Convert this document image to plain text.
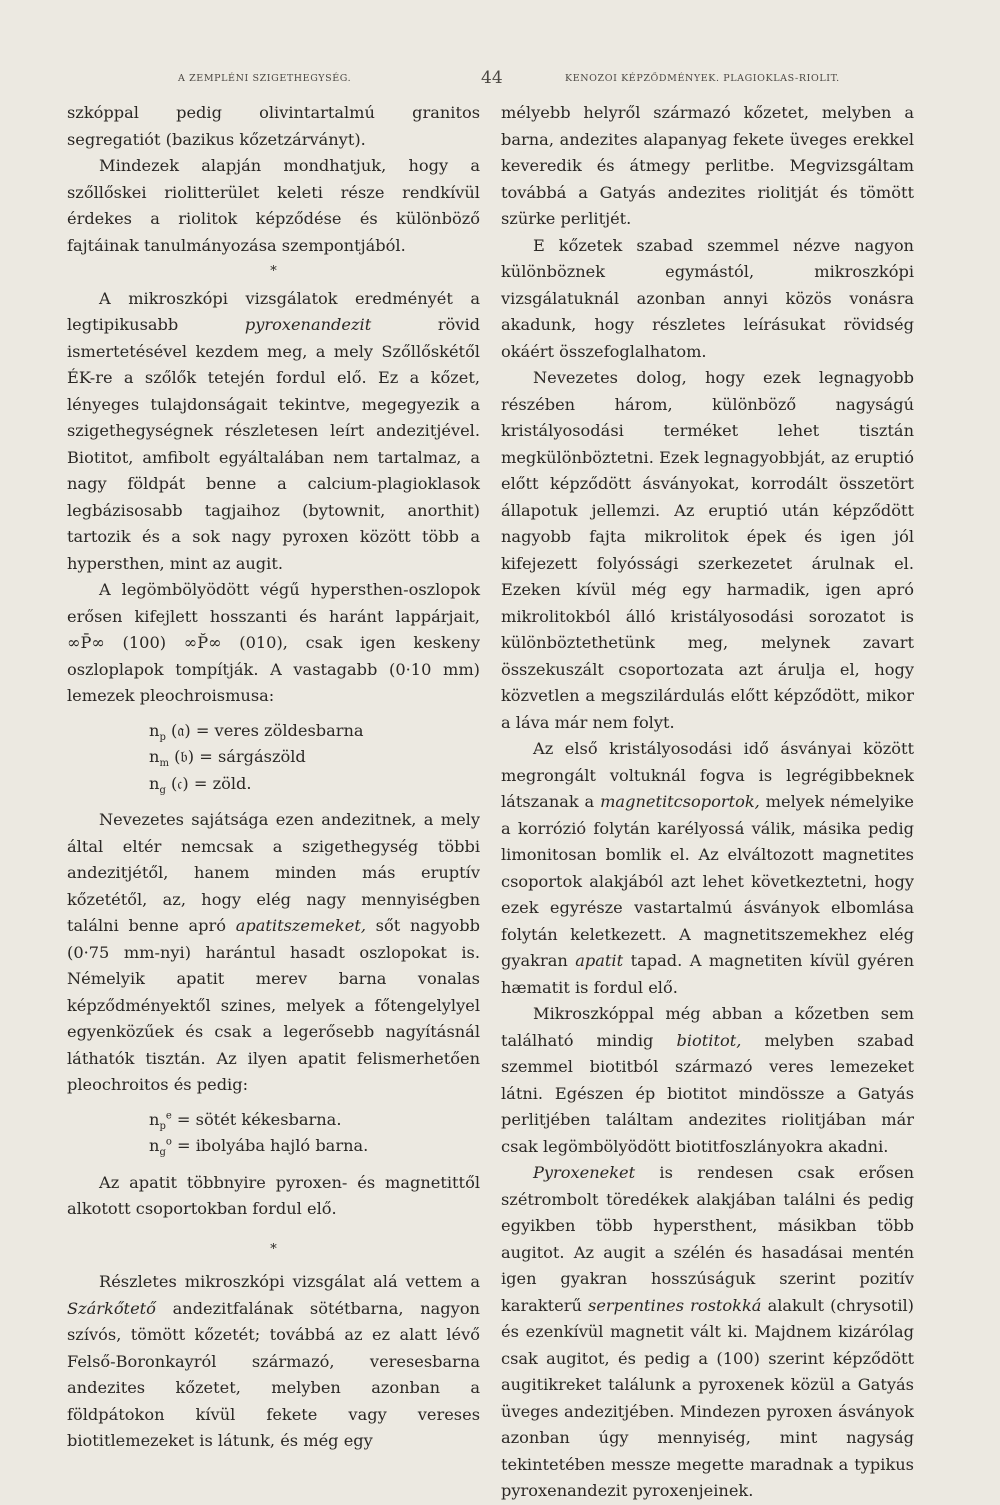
A ZEMPLÉNI SZIGETHEGYSÉG.	44	KENOZOI KÉPZŐDMÉNYEK. PLAGIOKLAS-RIOLIT.

szkóppal pedig olivintartalmú granitos segregatiót (bazikus kőzetzárványt).

Mindezek alapján mondhatjuk, hogy a szőllőskei riolitterület keleti része rendkívül érdekes a riolitok képződése és különböző fajtáinak tanulmányozása szempontjából.

*

A mikroszkópi vizsgálatok eredményét a legtipikusabb pyroxenandezit rövid ismertetésével kezdem meg, a mely Szőllőskétől ÉK-re a szőlők tetején fordul elő. Ez a kőzet, lényeges tulajdonságait tekintve, megegyezik a szigethegységnek részletesen leírt andezitjével. Biotitot, amfibolt egyáltalában nem tartalmaz, a nagy földpát benne a calcium-plagioklasok legbázisosabb tagjaihoz (bytownit, anorthit) tartozik és a sok nagy pyroxen között több a hypersthen, mint az augit.

A legömbölyödött végű hypersthen-oszlopok erősen kifejlett hosszanti és haránt lappárjait, ∞P̄∞ (100) ∞P̆∞ (010), csak igen keskeny oszloplapok tompítják. A vastagabb (0·10 mm) lemezek pleochroismusa:

$n_p$ (𝔞) = veres zöldesbarna
$n_m$ (𝔟) = sárgászöld
$n_g$ (𝔠) = zöld.

Nevezetes sajátsága ezen andezitnek, a mely által eltér nemcsak a szigethegység többi andezitjétől, hanem minden más eruptív kőzetétől, az, hogy elég nagy mennyiségben találni benne apró apatitszemeket, sőt nagyobb (0·75 mm-nyi) harántul hasadt oszlopokat is. Némelyik apatit merev barna vonalas képződményektől szines, melyek a főtengelylyel egyenközűek és csak a legerősebb nagyításnál láthatók tisztán. Az ilyen apatit felismerhetően pleochroitos és pedig:

$n_p^e$ = sötét kékesbarna.
$n_g^o$ = ibolyába hajló barna.

Az apatit többnyire pyroxen- és magnetittől alkotott csoportokban fordul elő.

*

Részletes mikroszkópi vizsgálat alá vettem a Szárkőtető andezitfalának sötétbarna, nagyon szívós, tömött kőzetét; továbbá az ez alatt lévő Felső-Boronkayról származó, veresesbarna andezites kőzetet, melyben azonban a földpátokon kívül fekete vagy vereses biotitlemezeket is látunk, és még egy

mélyebb helyről származó kőzetet, melyben a barna, andezites alapanyag fekete üveges erekkel keveredik és átmegy perlitbe. Megvizsgáltam továbbá a Gatyás andezites riolitját és tömött szürke perlitjét.

E kőzetek szabad szemmel nézve nagyon különböznek egymástól, mikroszkópi vizsgálatuknál azonban annyi közös vonásra akadunk, hogy részletes leírásukat rövidség okáért összefoglalhatom.

Nevezetes dolog, hogy ezek legnagyobb részében három, különböző nagyságú kristályosodási terméket lehet tisztán megkülönböztetni. Ezek legnagyobbját, az eruptió előtt képződött ásványokat, korrodált összetört állapotuk jellemzi. Az eruptió után képződött nagyobb fajta mikrolitok épek és igen jól kifejezett folyóssági szerkezetet árulnak el. Ezeken kívül még egy harmadik, igen apró mikrolitokból álló kristályosodási sorozatot is különböztethetünk meg, melynek zavart összekuszált csoportozata azt árulja el, hogy közvetlen a megszilárdulás előtt képződött, mikor a láva már nem folyt.

Az első kristályosodási idő ásványai között megrongált voltuknál fogva is legrégibbeknek látszanak a magnetitcsoportok, melyek némelyike a korrózió folytán karélyossá válik, másika pedig limonitosan bomlik el. Az elváltozott magnetites csoportok alakjából azt lehet következtetni, hogy ezek egyrésze vastartalmú ásványok elbomlása folytán keletkezett. A magnetitszemekhez elég gyakran apatit tapad. A magnetiten kívül gyéren hæmatit is fordul elő.

Mikroszkóppal még abban a kőzetben sem található mindig biotitot, melyben szabad szemmel biotitból származó veres lemezeket látni. Egészen ép biotitot mindössze a Gatyás perlitjében találtam andezites riolitjában már csak legömbölyödött biotitfoszlányokra akadni.

Pyroxeneket is rendesen csak erősen szétrombolt töredékek alakjában találni és pedig egyikben több hypersthent, másikban több augitot. Az augit a szélén és hasadásai mentén igen gyakran hosszúságuk szerint pozitív karakterű serpentines rostokká alakult (chrysotil) és ezenkívül magnetit vált ki. Majdnem kizárólag csak augitot, és pedig a (100) szerint képződött augitikreket találunk a pyroxenek közül a Gatyás üveges andezitjében. Mindezen pyroxen ásványok azonban úgy mennyiség, mint nagyság tekintetében messze megette maradnak a typikus pyroxenandezit pyroxenjeinek.
